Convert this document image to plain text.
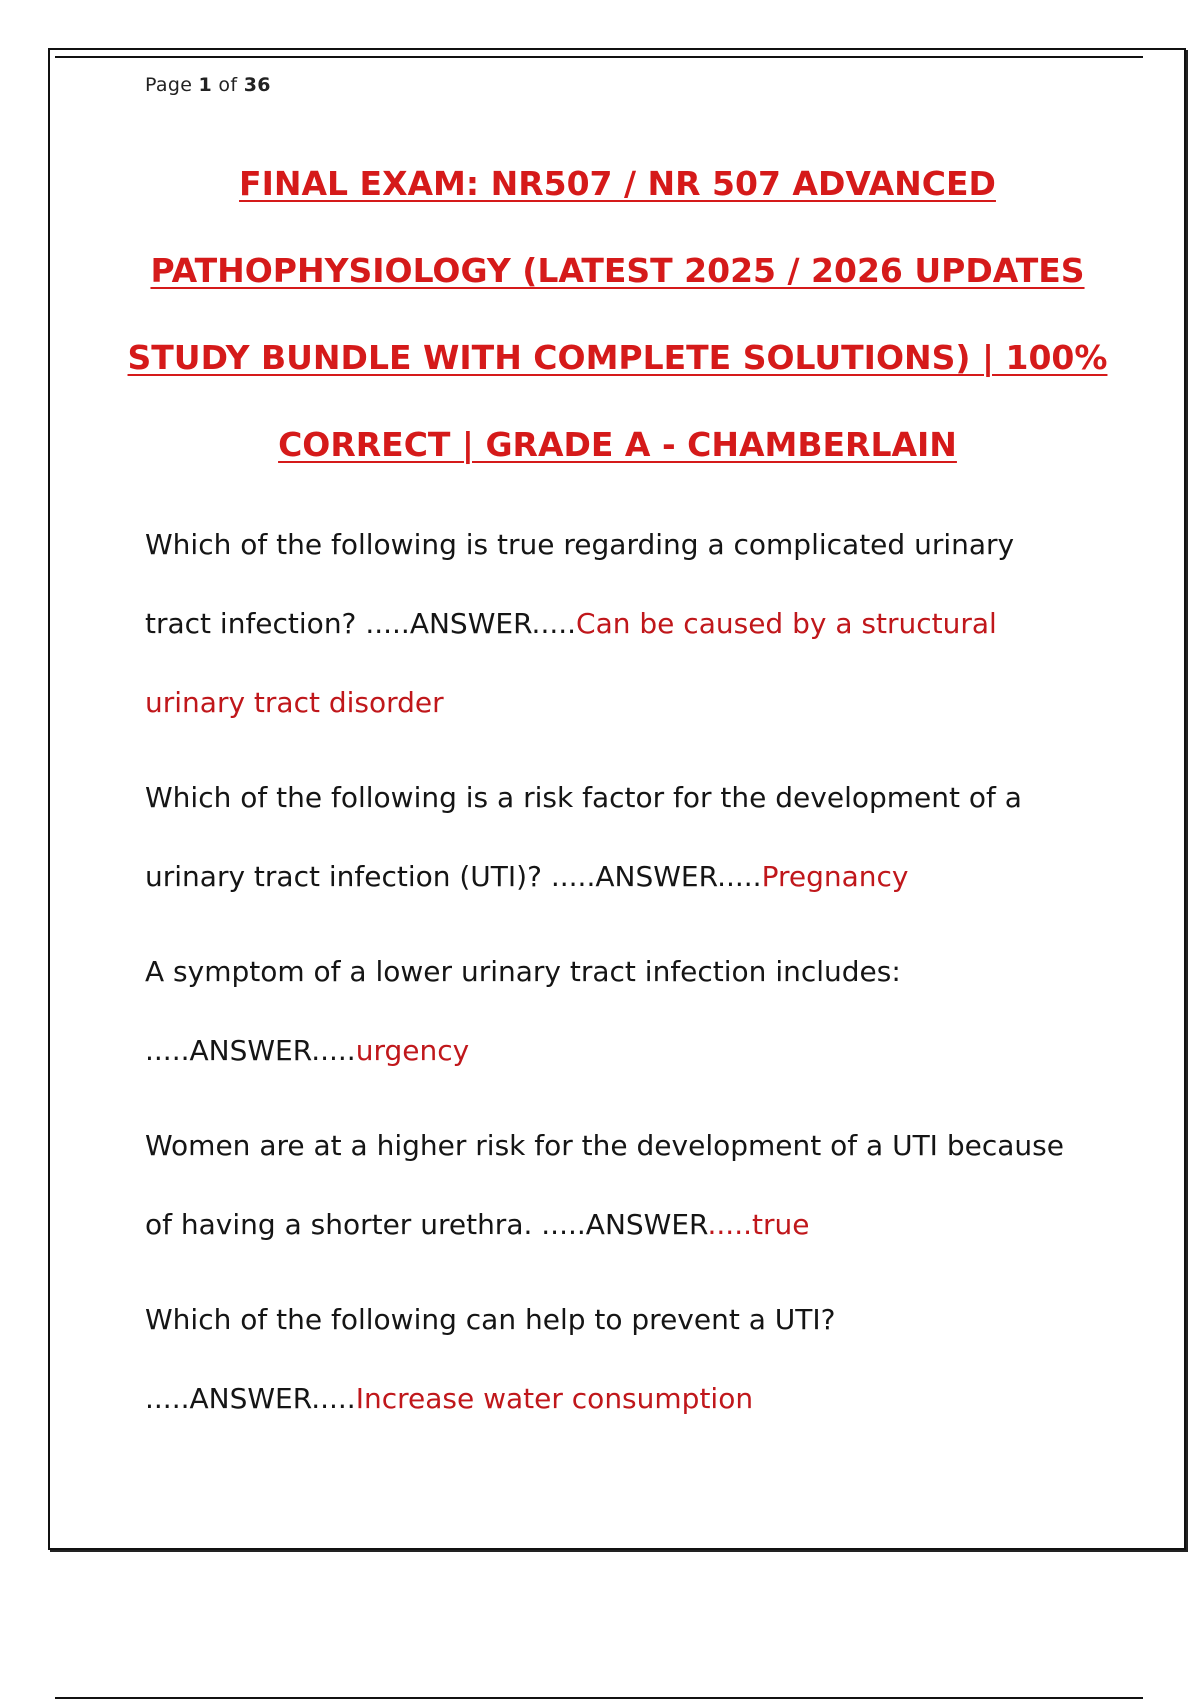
Page 1 of 36
FINAL EXAM: NR507 / NR 507 ADVANCED
PATHOPHYSIOLOGY (LATEST 2025 / 2026 UPDATES
STUDY BUNDLE WITH COMPLETE SOLUTIONS) | 100%
CORRECT | GRADE A - CHAMBERLAIN

Which of the following is true regarding a complicated urinary tract infection? .....ANSWER.....Can be caused by a structural urinary tract disorder

Which of the following is a risk factor for the development of a urinary tract infection (UTI)? .....ANSWER.....Pregnancy

A symptom of a lower urinary tract infection includes: .....ANSWER.....urgency

Women are at a higher risk for the development of a UTI because of having a shorter urethra. .....ANSWER.....true

Which of the following can help to prevent a UTI? .....ANSWER.....Increase water consumption
